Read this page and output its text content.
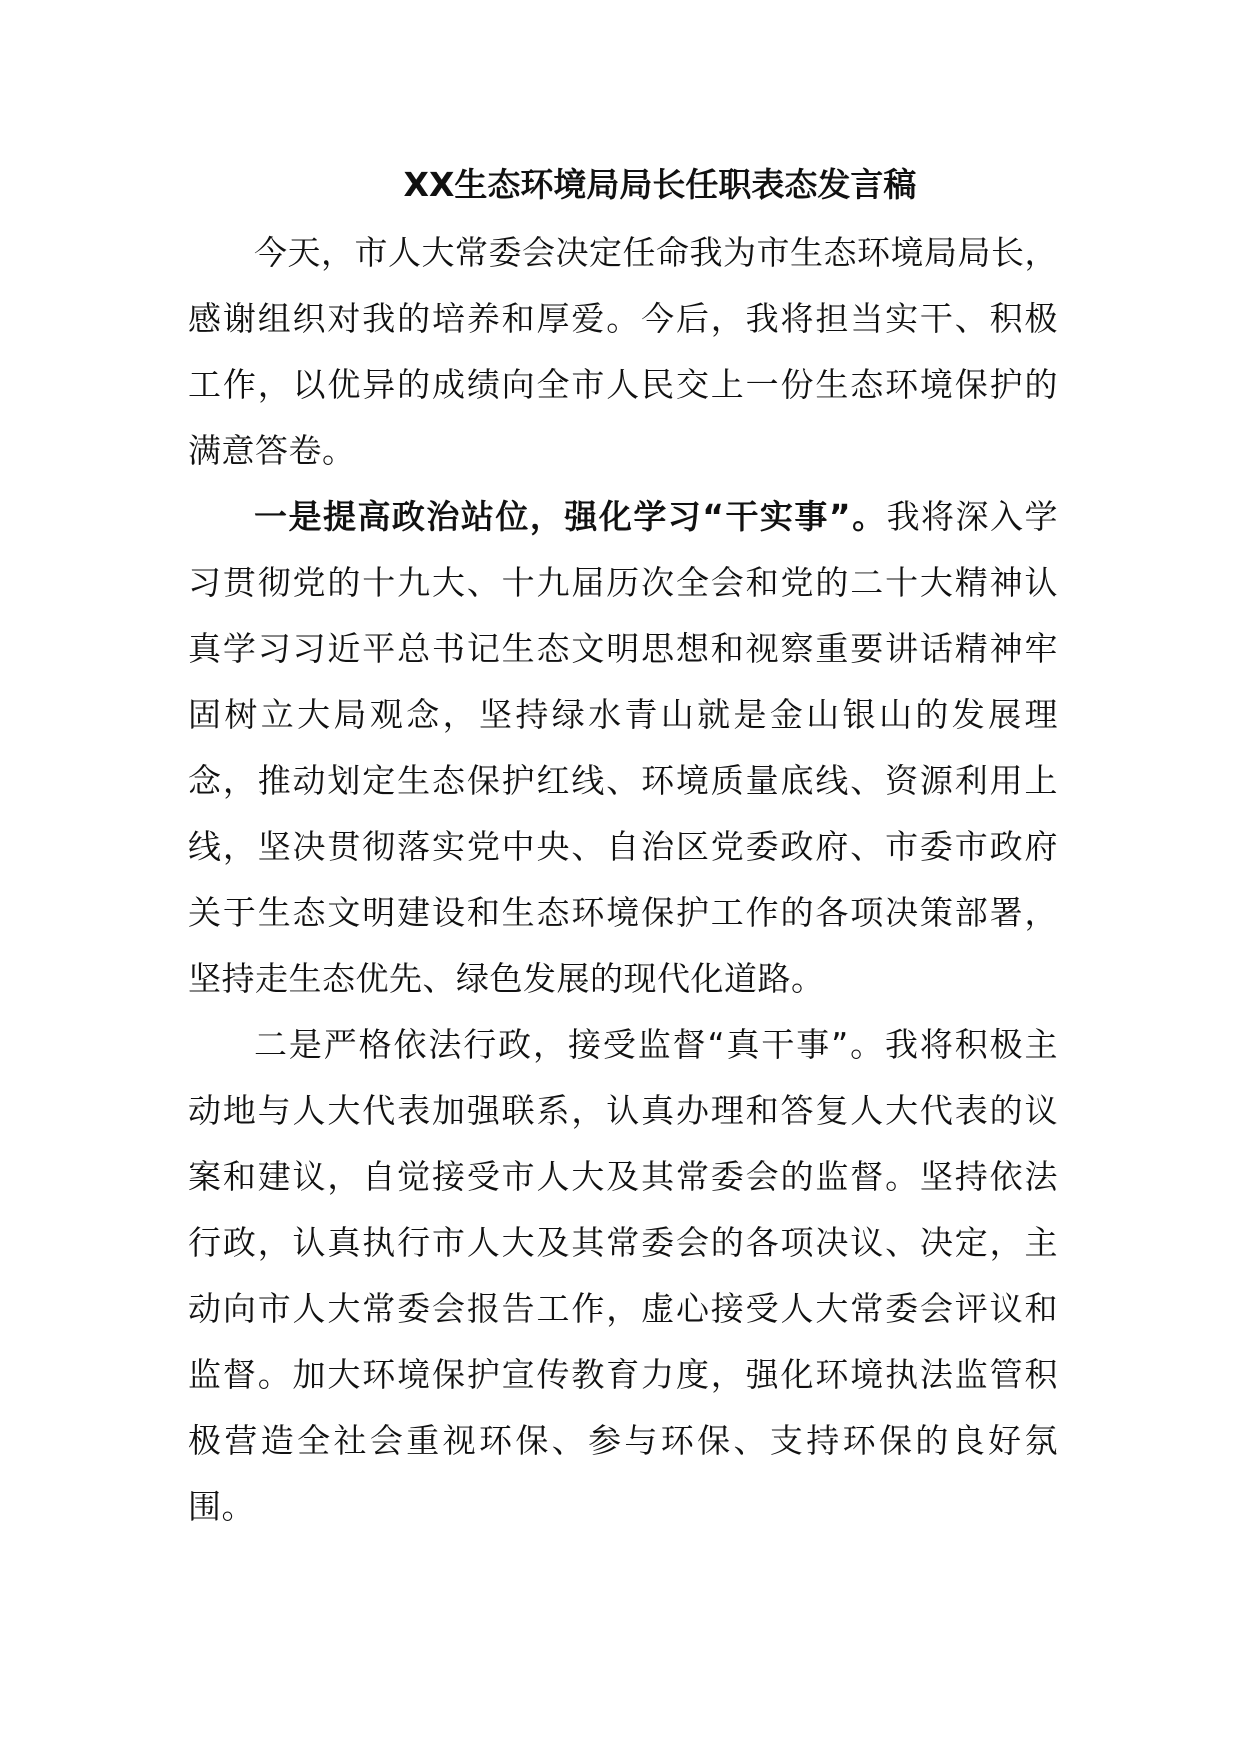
XX生态环境局局长任职表态发言稿

今天，市人大常委会决定任命我为市生态环境局局长，感谢组织对我的培养和厚爱。今后，我将担当实干、积极工作，以优异的成绩向全市人民交上一份生态环境保护的满意答卷。

一是提高政治站位，强化学习“干实事”。我将深入学习贯彻党的十九大、十九届历次全会和党的二十大精神认真学习习近平总书记生态文明思想和视察重要讲话精神牢固树立大局观念，坚持绿水青山就是金山银山的发展理念，推动划定生态保护红线、环境质量底线、资源利用上线，坚决贯彻落实党中央、自治区党委政府、市委市政府关于生态文明建设和生态环境保护工作的各项决策部署，坚持走生态优先、绿色发展的现代化道路。

二是严格依法行政，接受监督“真干事”。我将积极主动地与人大代表加强联系，认真办理和答复人大代表的议案和建议，自觉接受市人大及其常委会的监督。坚持依法行政，认真执行市人大及其常委会的各项决议、决定，主动向市人大常委会报告工作，虚心接受人大常委会评议和监督。加大环境保护宣传教育力度，强化环境执法监管积极营造全社会重视环保、参与环保、支持环保的良好氛围。
